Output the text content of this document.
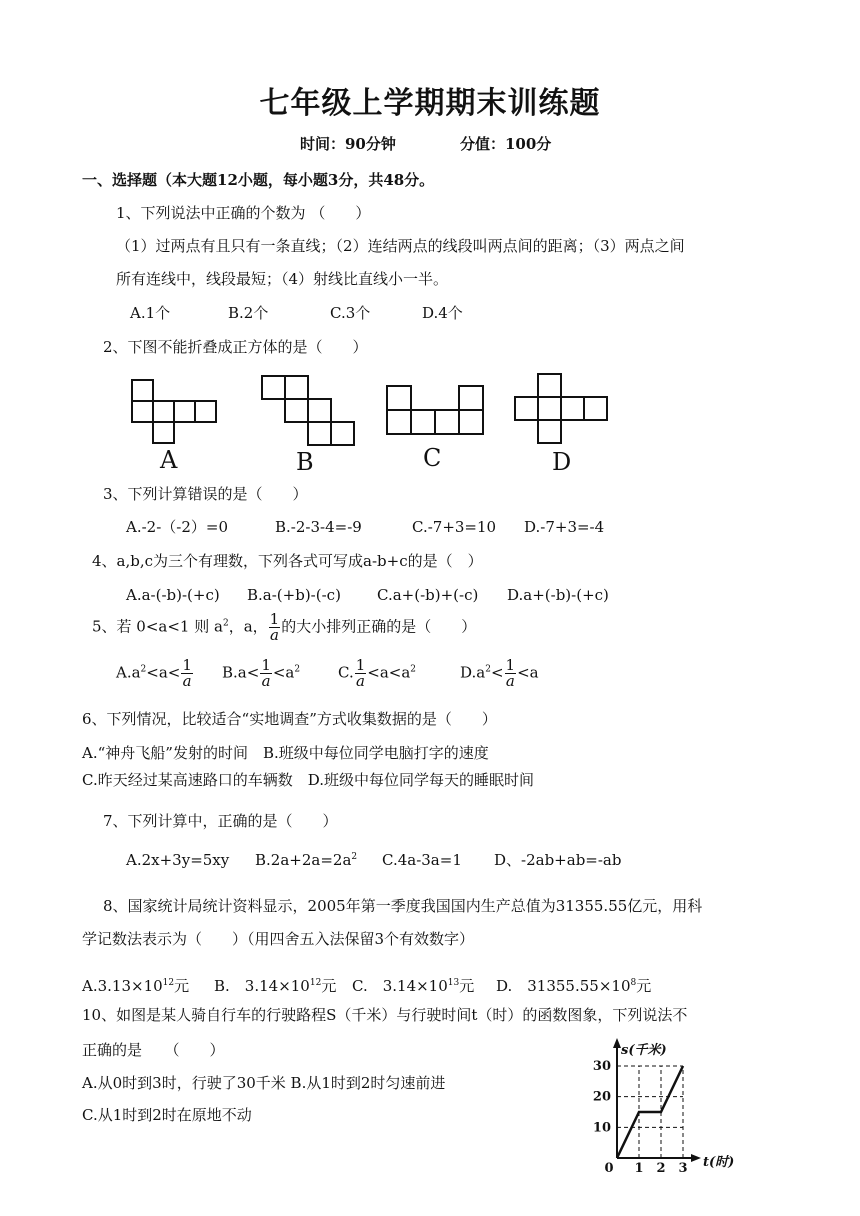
七年级上学期期末训练题
时间：90分钟	分值：100分
一、选择题（本大题12小题，每小题3分，共48分。
1、下列说法中正确的个数为 （　　）
（1）过两点有且只有一条直线；（2）连结两点的线段叫两点间的距离；（3）两点之间
所有连线中，线段最短；（4）射线比直线小一半。
A.1个	B.2个	C.3个	D.4个
2、下图不能折叠成正方体的是（　　）
A	B	C	D
3、下列计算错误的是（　　）
A.-2-（-2）=0	B.-2-3-4=-9	C.-7+3=10 D.-7+3=-4
4、a,b,c为三个有理数，下列各式可写成a-b+c的是（　）
A.a-(-b)-(+c) B.a-(+b)-(-c) C.a+(-b)+(-c) D.a+(-b)-(+c)
5、若 0<a<1 则 $a^2$，a， $\frac{1}{a}$ 的大小排列正确的是（　　）
$A.a^2<a< \frac{1}{a} B.a< \frac{1}{a} <a^2$	C. $\frac{1}{a} <a<a^2$	$D.a^2< \frac{1}{a} <a$
6、下列情况，比较适合“实地调查”方式收集数据的是（　　）
A.“神舟飞船”发射的时间　B.班级中每位同学电脑打字的速度
C.昨天经过某高速路口的车辆数　D.班级中每位同学每天的睡眠时间
7、下列计算中，正确的是（　　）
A.2x+3y=5xy $B.2a+2a=2a^2$ C.4a-3a=1 D、-2ab+ab=-ab
8、国家统计局统计资料显示，2005年第一季度我国国内生产总值为31355.55亿元，用科
学记数法表示为（　　）（用四舍五入法保留3个有效数字）
$A.3.13\times 10^{12}$元 B.　$3.14\times 10^{12}$元 C.　$3.14\times 10^{13}$元 D.　$31355.55\times 10^8$元
10、如图是某人骑自行车的行驶路程S（千米）与行驶时间t（时）的函数图象，下列说法不
正确的是　　（　　）
A.从0时到3时，行驶了30千米 B.从1时到2时匀速前进
C.从1时到2时在原地不动
10
20
30
0 1 2 3
s(千米)
t(时)
